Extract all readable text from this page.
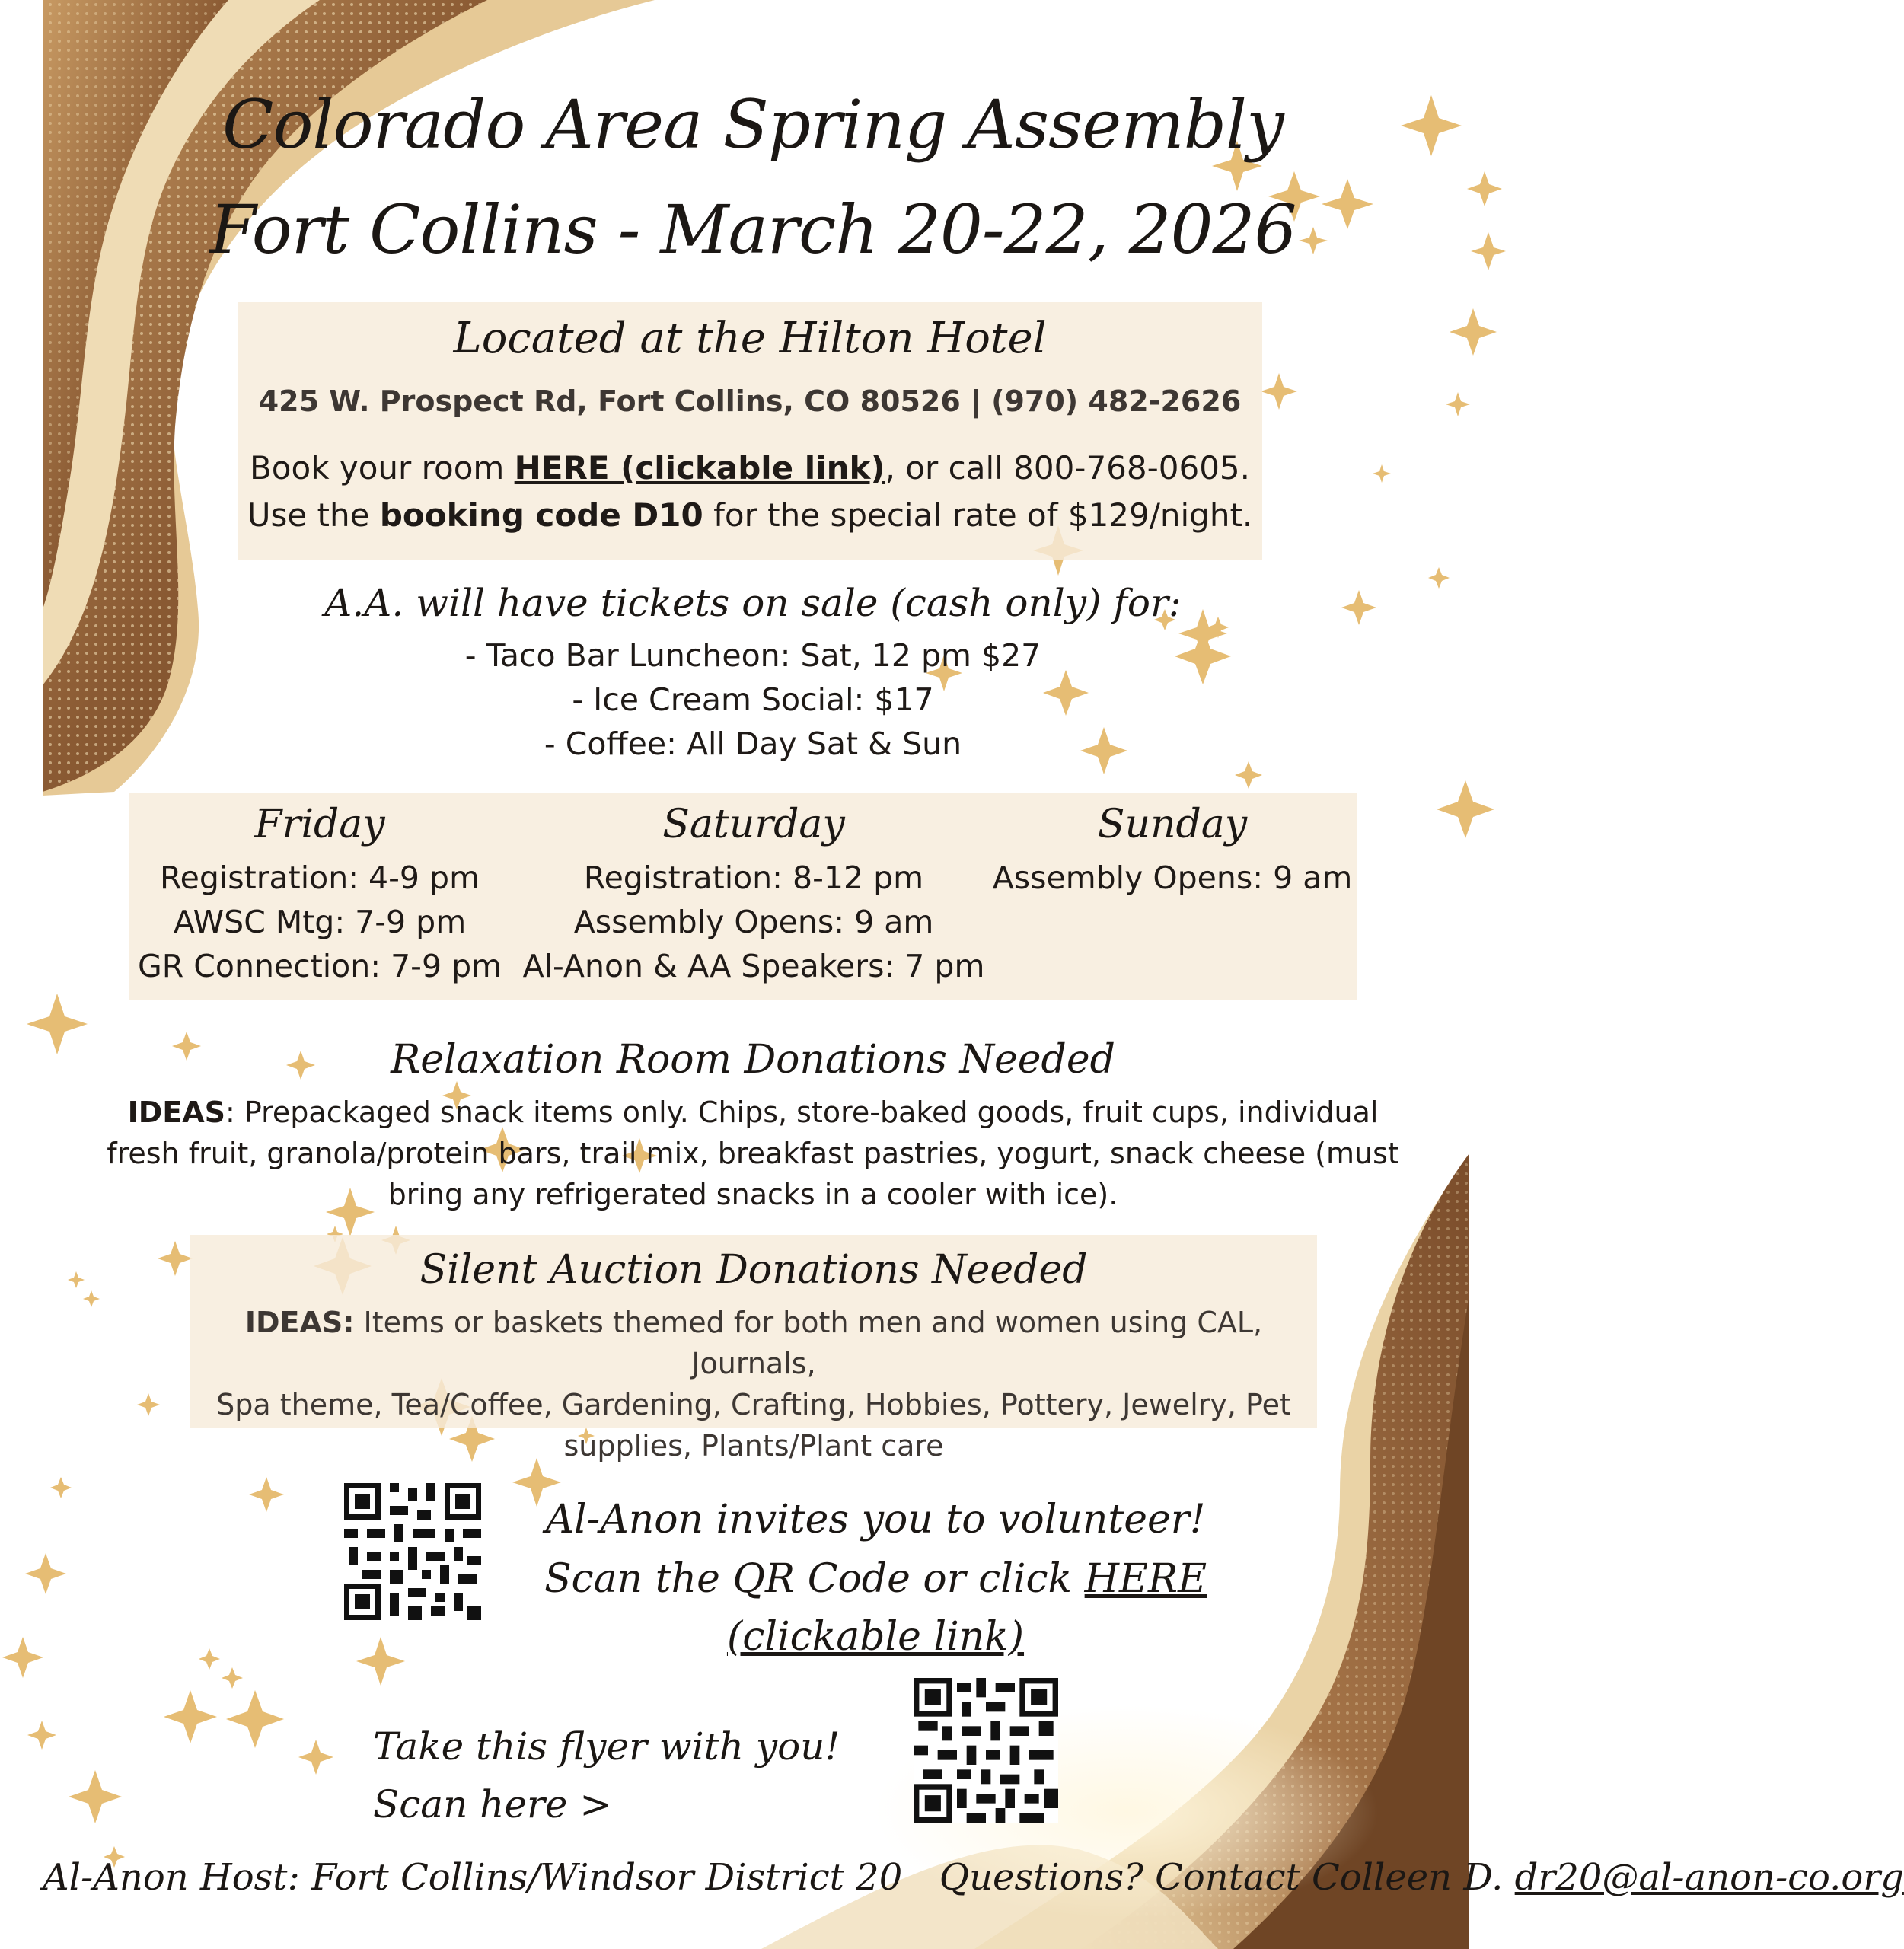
Colorado Area Spring Assembly
Fort Collins - March 20-22, 2026
Located at the Hilton Hotel
425 W. Prospect Rd, Fort Collins, CO 80526 | (970) 482-2626
Book your room HERE (clickable link), or call 800-768-0605.
Use the booking code D10 for the special rate of $129/night.
A.A. will have tickets on sale (cash only) for:
- Taco Bar Luncheon: Sat, 12 pm $27
- Ice Cream Social: $17
- Coffee: All Day Sat & Sun
Friday
Registration: 4-9 pm
AWSC Mtg: 7-9 pm
GR Connection: 7-9 pm
Saturday
Registration: 8-12 pm
Assembly Opens: 9 am
Al-Anon & AA Speakers: 7 pm
Sunday
Assembly Opens: 9 am
Relaxation Room Donations Needed
IDEAS: Prepackaged snack items only. Chips, store-baked goods, fruit cups, individual
fresh fruit, granola/protein bars, trail mix, breakfast pastries, yogurt, snack cheese (must
bring any refrigerated snacks in a cooler with ice).
Silent Auction Donations Needed
IDEAS: Items or baskets themed for both men and women using CAL, Journals,
Spa theme, Tea/Coffee, Gardening, Crafting, Hobbies, Pottery, Jewelry, Pet
supplies, Plants/Plant care
Al-Anon invites you to volunteer!
Scan the QR Code or click HERE (clickable link)
Take this flyer with you! Scan here >
Al-Anon Host: Fort Collins/Windsor District 20 Questions? Contact Colleen D. dr20@al-anon-co.org
